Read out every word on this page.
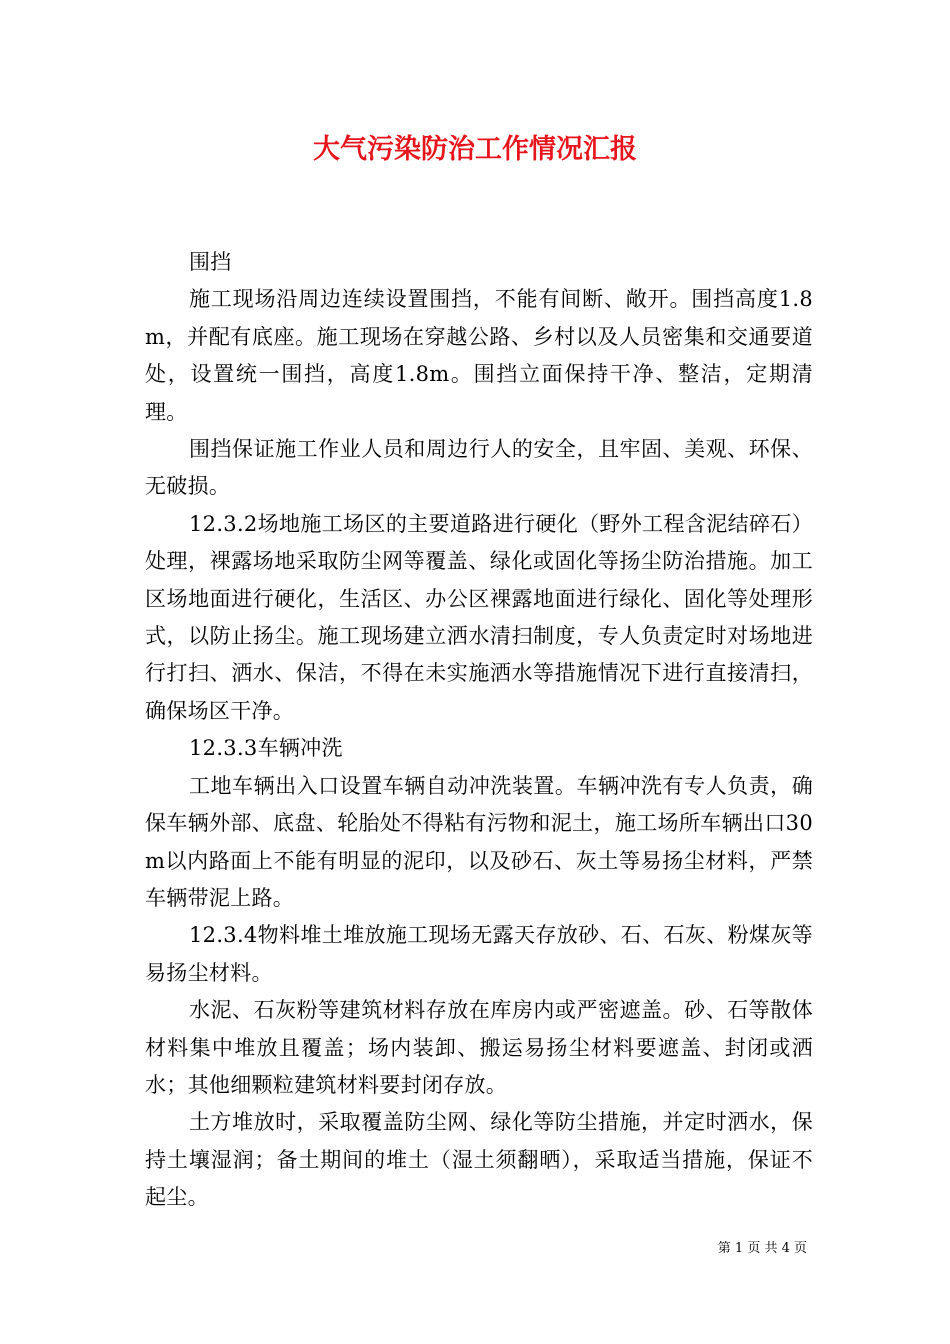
大气污染防治工作情况汇报

围挡

施工现场沿周边连续设置围挡，不能有间断、敞开。围挡高度1.8m，并配有底座。施工现场在穿越公路、乡村以及人员密集和交通要道处，设置统一围挡，高度1.8m。围挡立面保持干净、整洁，定期清理。

围挡保证施工作业人员和周边行人的安全，且牢固、美观、环保、无破损。

12.3.2场地施工场区的主要道路进行硬化（野外工程含泥结碎石）处理，裸露场地采取防尘网等覆盖、绿化或固化等扬尘防治措施。加工区场地面进行硬化，生活区、办公区裸露地面进行绿化、固化等处理形式，以防止扬尘。施工现场建立洒水清扫制度，专人负责定时对场地进行打扫、洒水、保洁，不得在未实施洒水等措施情况下进行直接清扫，确保场区干净。

12.3.3车辆冲洗

工地车辆出入口设置车辆自动冲洗装置。车辆冲洗有专人负责，确保车辆外部、底盘、轮胎处不得粘有污物和泥土，施工场所车辆出口30m以内路面上不能有明显的泥印，以及砂石、灰土等易扬尘材料，严禁车辆带泥上路。

12.3.4物料堆土堆放施工现场无露天存放砂、石、石灰、粉煤灰等易扬尘材料。

水泥、石灰粉等建筑材料存放在库房内或严密遮盖。砂、石等散体材料集中堆放且覆盖；场内装卸、搬运易扬尘材料要遮盖、封闭或洒水；其他细颗粒建筑材料要封闭存放。

土方堆放时，采取覆盖防尘网、绿化等防尘措施，并定时洒水，保持土壤湿润；备土期间的堆土（湿土须翻晒），采取适当措施，保证不起尘。

第 1 页 共 4 页
